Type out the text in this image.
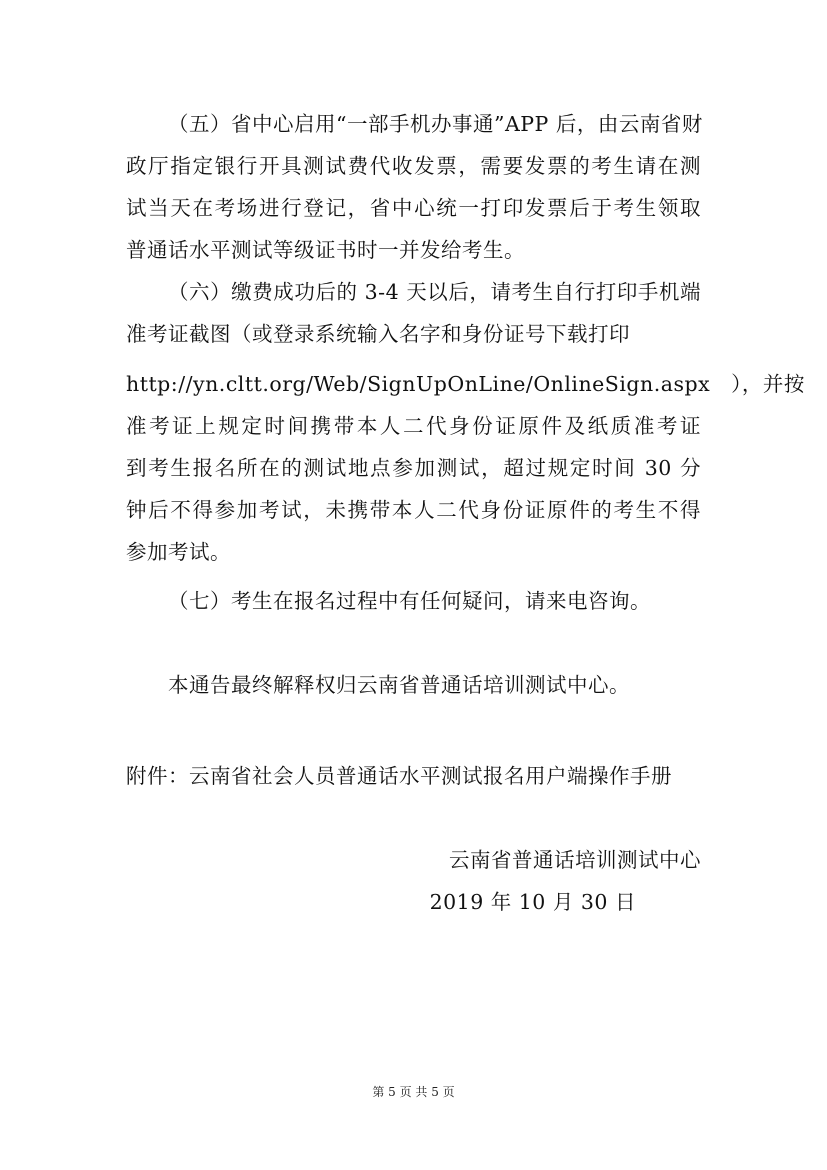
（五）省中心启用“一部手机办事通”APP 后，由云南省财
政厅指定银行开具测试费代收发票，需要发票的考生请在测
试当天在考场进行登记，省中心统一打印发票后于考生领取
普通话水平测试等级证书时一并发给考生。
（六）缴费成功后的 3-4 天以后，请考生自行打印手机端
准考证截图（或登录系统输入名字和身份证号下载打印
http://yn.cltt.org/Web/SignUpOnLine/OnlineSign.aspx　），并按
准考证上规定时间携带本人二代身份证原件及纸质准考证
到考生报名所在的测试地点参加测试，超过规定时间 30 分
钟后不得参加考试，未携带本人二代身份证原件的考生不得
参加考试。
（七）考生在报名过程中有任何疑问，请来电咨询。
本通告最终解释权归云南省普通话培训测试中心。
附件：云南省社会人员普通话水平测试报名用户端操作手册
云南省普通话培训测试中心
2019 年 10 月 30 日
第 5 页 共 5 页
